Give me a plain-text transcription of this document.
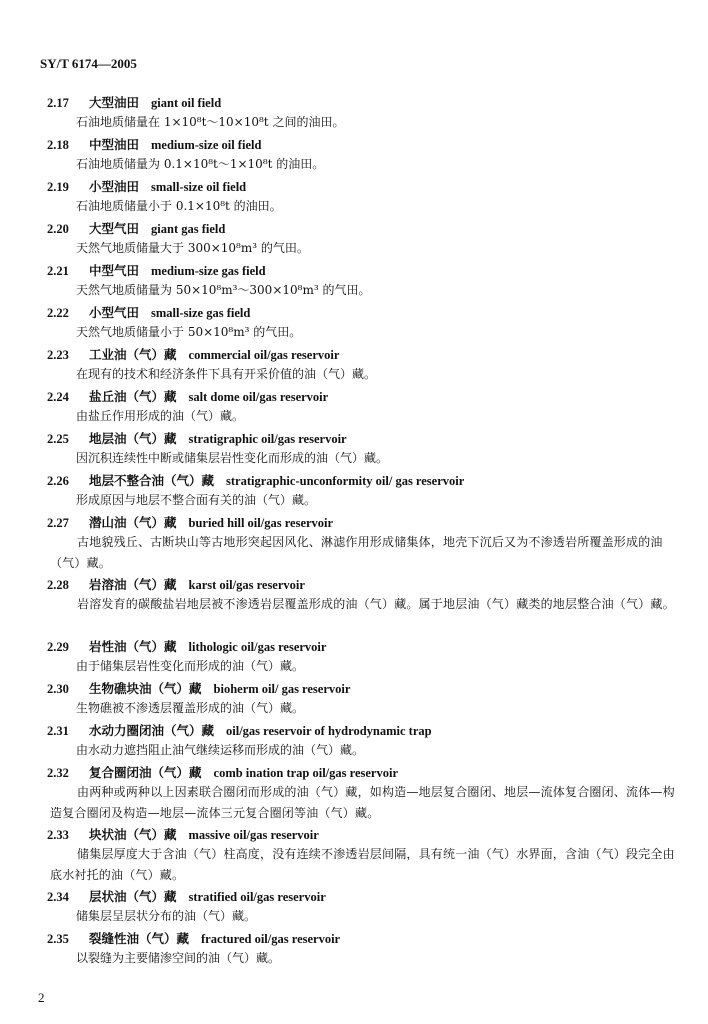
SY/T 6174—2005
2.17 大型油田 giant oil field
石油地质储量在 1×10⁸t～10×10⁸t 之间的油田。
2.18 中型油田 medium-size oil field
石油地质储量为 0.1×10⁸t～1×10⁸t 的油田。
2.19 小型油田 small-size oil field
石油地质储量小于 0.1×10⁸t 的油田。
2.20 大型气田 giant gas field
天然气地质储量大于 300×10⁸m³ 的气田。
2.21 中型气田 medium-size gas field
天然气地质储量为 50×10⁸m³～300×10⁸m³ 的气田。
2.22 小型气田 small-size gas field
天然气地质储量小于 50×10⁸m³ 的气田。
2.23 工业油（气）藏 commercial oil/gas reservoir
在现有的技术和经济条件下具有开采价值的油（气）藏。
2.24 盐丘油（气）藏 salt dome oil/gas reservoir
由盐丘作用形成的油（气）藏。
2.25 地层油（气）藏 stratigraphic oil/gas reservoir
因沉积连续性中断或储集层岩性变化而形成的油（气）藏。
2.26 地层不整合油（气）藏 stratigraphic-unconformity oil/ gas reservoir
形成原因与地层不整合面有关的油（气）藏。
2.27 潜山油（气）藏 buried hill oil/gas reservoir
古地貌残丘、古断块山等古地形突起因风化、淋滤作用形成储集体，地壳下沉后又为不渗透岩所覆盖形成的油（气）藏。
2.28 岩溶油（气）藏 karst oil/gas reservoir
岩溶发育的碳酸盐岩地层被不渗透岩层覆盖形成的油（气）藏。属于地层油（气）藏类的地层整合油（气）藏。
2.29 岩性油（气）藏 lithologic oil/gas reservoir
由于储集层岩性变化而形成的油（气）藏。
2.30 生物礁块油（气）藏 bioherm oil/ gas reservoir
生物礁被不渗透层覆盖形成的油（气）藏。
2.31 水动力圈闭油（气）藏 oil/gas reservoir of hydrodynamic trap
由水动力遮挡阻止油气继续运移而形成的油（气）藏。
2.32 复合圈闭油（气）藏 comb ination trap oil/gas reservoir
由两种或两种以上因素联合圈闭而形成的油（气）藏，如构造—地层复合圈闭、地层—流体复合圈闭、流体—构造复合圈闭及构造—地层—流体三元复合圈闭等油（气）藏。
2.33 块状油（气）藏 massive oil/gas reservoir
储集层厚度大于含油（气）柱高度，没有连续不渗透岩层间隔，具有统一油（气）水界面，含油（气）段完全由底水衬托的油（气）藏。
2.34 层状油（气）藏 stratified oil/gas reservoir
储集层呈层状分布的油（气）藏。
2.35 裂缝性油（气）藏 fractured oil/gas reservoir
以裂缝为主要储渗空间的油（气）藏。
2
